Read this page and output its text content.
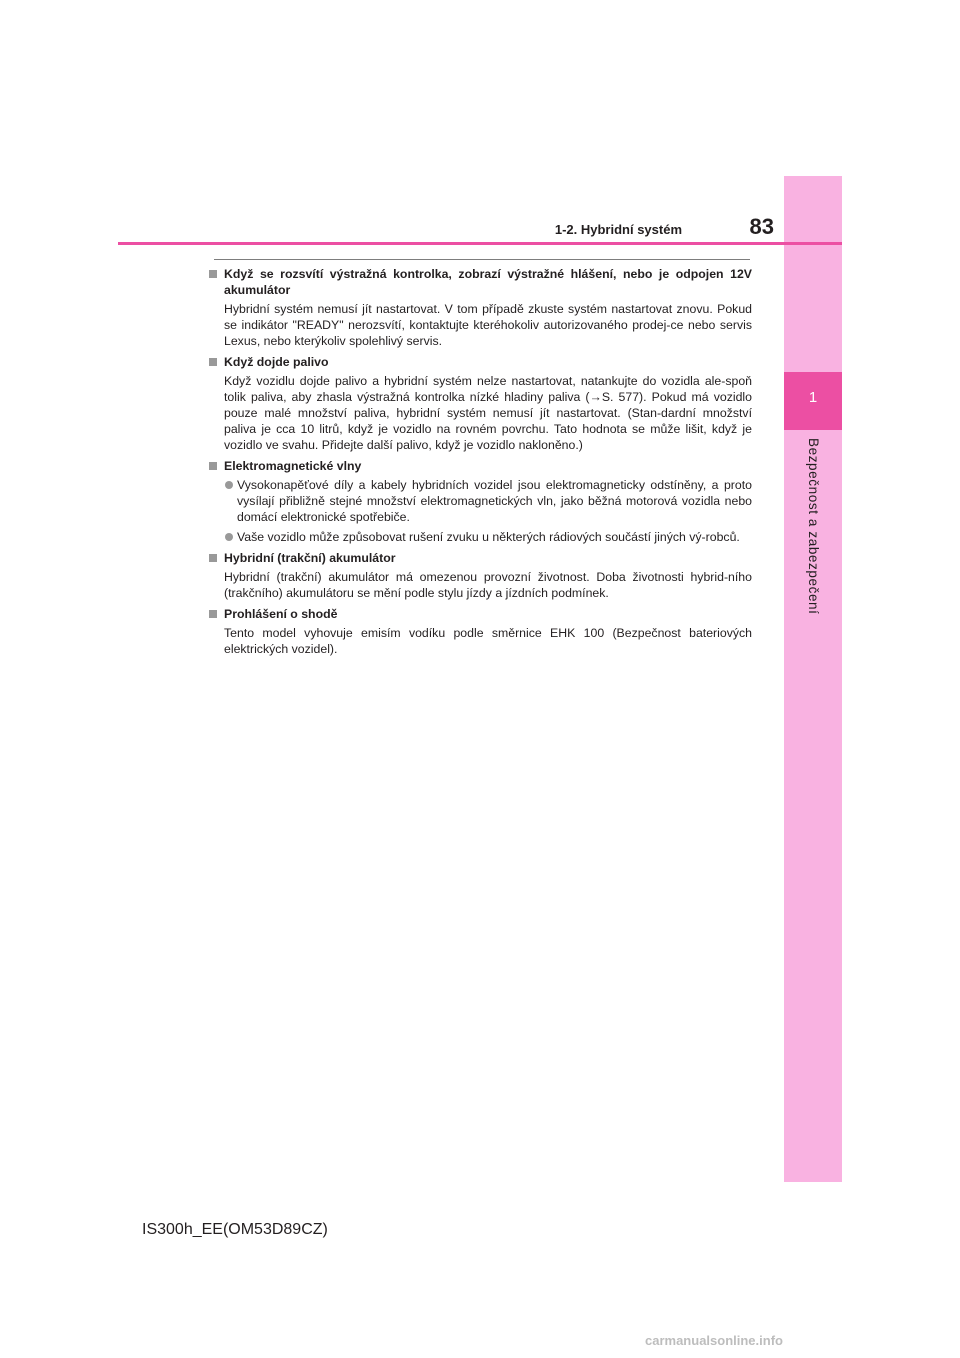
1
Bezpečnost a zabezpečení
1-2. Hybridní systém	83
Když se rozsvítí výstražná kontrolka, zobrazí výstražné hlášení, nebo je odpojen 12V akumulátor
Hybridní systém nemusí jít nastartovat. V tom případě zkuste systém nastartovat znovu. Pokud se indikátor "READY" nerozsvítí, kontaktujte kteréhokoliv autorizovaného prodej-ce nebo servis Lexus, nebo kterýkoliv spolehlivý servis.
Když dojde palivo
Když vozidlu dojde palivo a hybridní systém nelze nastartovat, natankujte do vozidla ale-spoň tolik paliva, aby zhasla výstražná kontrolka nízké hladiny paliva (→S. 577). Pokud má vozidlo pouze malé množství paliva, hybridní systém nemusí jít nastartovat. (Stan-dardní množství paliva je cca 10 litrů, když je vozidlo na rovném povrchu. Tato hodnota se může lišit, když je vozidlo ve svahu. Přidejte další palivo, když je vozidlo nakloněno.)
Elektromagnetické vlny
Vysokonapěťové díly a kabely hybridních vozidel jsou elektromagneticky odstíněny, a proto vysílají přibližně stejné množství elektromagnetických vln, jako běžná motorová vozidla nebo domácí elektronické spotřebiče.
Vaše vozidlo může způsobovat rušení zvuku u některých rádiových součástí jiných vý-robců.
Hybridní (trakční) akumulátor
Hybridní (trakční) akumulátor má omezenou provozní životnost. Doba životnosti hybrid-ního (trakčního) akumulátoru se mění podle stylu jízdy a jízdních podmínek.
Prohlášení o shodě
Tento model vyhovuje emisím vodíku podle směrnice EHK 100 (Bezpečnost bateriových elektrických vozidel).
IS300h_EE(OM53D89CZ)
carmanualsonline.info
